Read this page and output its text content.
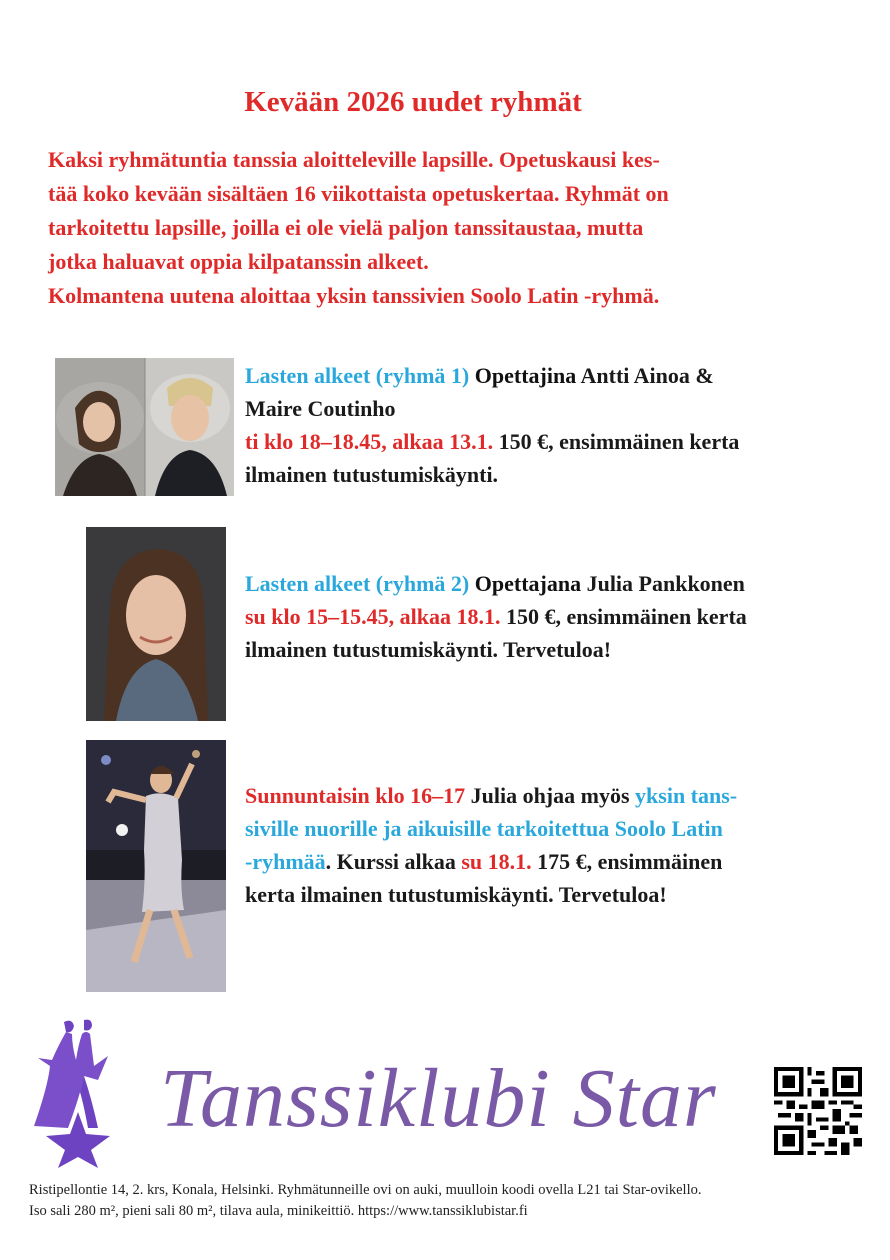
Kevään 2026 uudet ryhmät

Kaksi ryhmätuntia tanssia aloitteleville lapsille. Opetuskausi kes-

tää koko kevään sisältäen 16 viikottaista opetuskertaa. Ryhmät on

tarkoitettu lapsille, joilla ei ole vielä paljon tanssitaustaa, mutta

jotka haluavat oppia kilpatanssin alkeet.

Kolmantena uutena aloittaa yksin tanssivien Soolo Latin -ryhmä.

Lasten alkeet (ryhmä 1) Opettajina Antti Ainoa &

Maire Coutinho

ti klo 18–18.45, alkaa 13.1. 150 €, ensimmäinen kerta

ilmainen tutustumiskäynti.

Lasten alkeet (ryhmä 2) Opettajana Julia Pankkonen

su klo 15–15.45, alkaa 18.1. 150 €, ensimmäinen kerta

ilmainen tutustumiskäynti. Tervetuloa!

Sunnuntaisin klo 16–17 Julia ohjaa myös yksin tans-

siville nuorille ja aikuisille tarkoitettua Soolo Latin

-ryhmää. Kurssi alkaa su 18.1. 175 €, ensimmäinen

kerta ilmainen tutustumiskäynti. Tervetuloa!

Tanssiklubi Star

Ristipellontie 14, 2. krs, Konala, Helsinki. Ryhmätunneille ovi on auki, muulloin koodi ovella L21 tai Star-ovikello.

Iso sali 280 m², pieni sali 80 m², tilava aula, minikeittiö. https://www.tanssiklubistar.fi
